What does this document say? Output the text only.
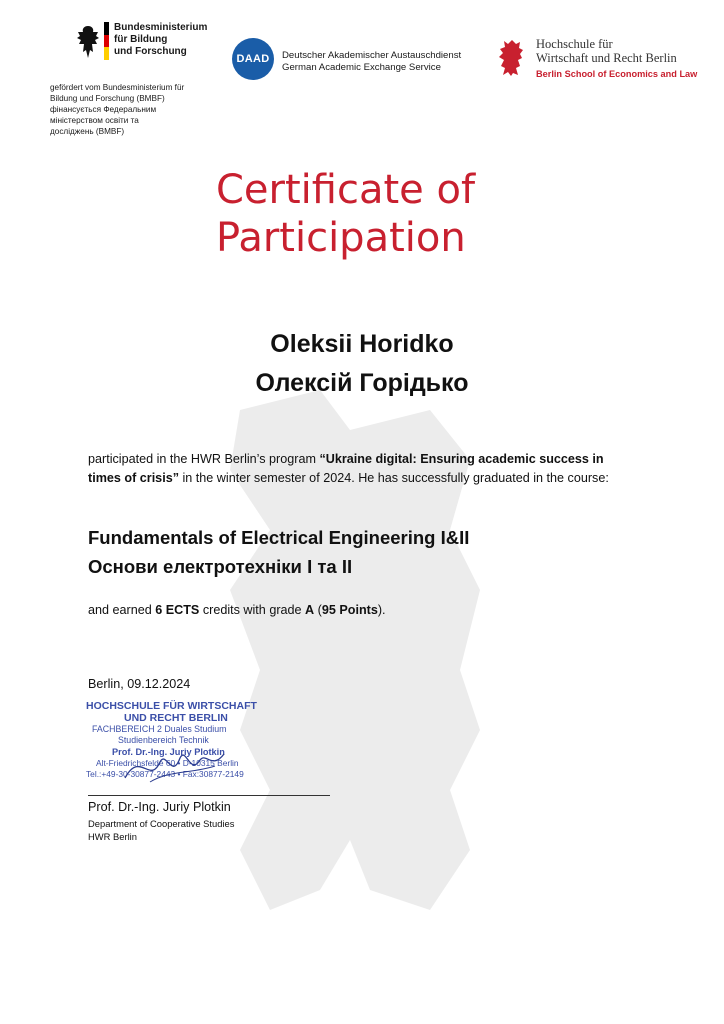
Bundesministerium
für Bildung
und Forschung
gefördert vom Bundesministerium für
Bildung und Forschung (BMBF)
фінансується Федеральним
міністерством освіти та
досліджень (BMBF)
DAAD	Deutscher Akademischer Austauschdienst
German Academic Exchange Service
Hochschule für
Wirtschaft und Recht Berlin
Berlin School of Economics and Law
Certificate of
Participation
Oleksii Horidko
Олексій Горідько
participated in the HWR Berlin’s program “Ukraine digital: Ensuring academic success in times of crisis” in the winter semester of 2024. He has successfully graduated in the course:
Fundamentals of Electrical Engineering I&II
Основи електротехніки І та ІІ
and earned 6 ECTS credits with grade A (95 Points).
Berlin, 09.12.2024
HOCHSCHULE FÜR WIRTSCHAFT
UND RECHT BERLIN
FACHBEREICH 2 Duales Studium
Studienbereich Technik
Prof. Dr.-Ing. Juriy Plotkin
Alt-Friedrichsfelde 60 • D-10315 Berlin
Tel.:+49-30-30877-2443 • Fax:30877-2149
Prof. Dr.-Ing. Juriy Plotkin
Department of Cooperative Studies
HWR Berlin
